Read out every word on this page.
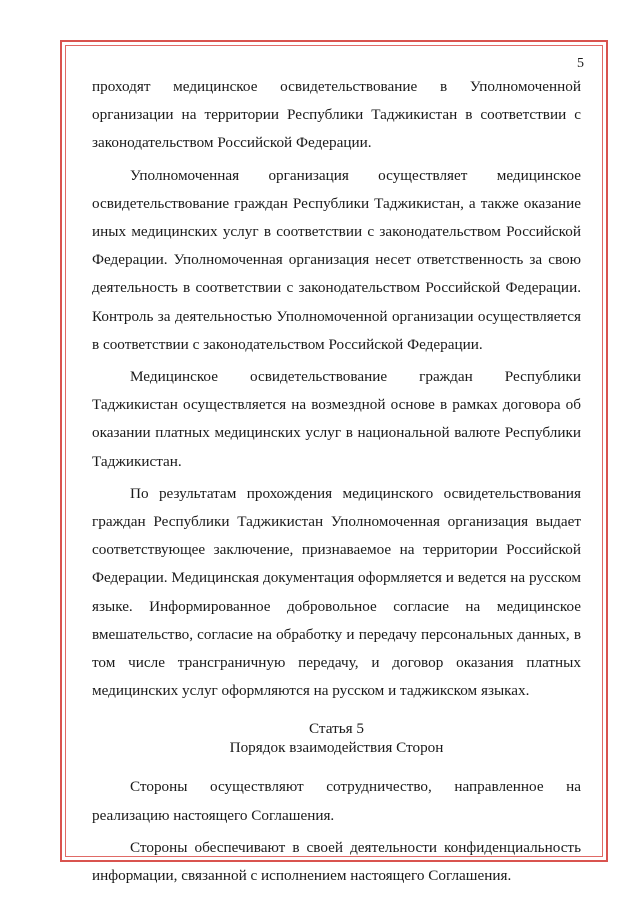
5

проходят медицинское освидетельствование в Уполномоченной организации на территории Республики Таджикистан в соответствии с законодательством Российской Федерации.

Уполномоченная организация осуществляет медицинское освидетельствование граждан Республики Таджикистан, а также оказание иных медицинских услуг в соответствии с законодательством Российской Федерации. Уполномоченная организация несет ответственность за свою деятельность в соответствии с законодательством Российской Федерации. Контроль за деятельностью Уполномоченной организации осуществляется в соответствии с законодательством Российской Федерации.

Медицинское освидетельствование граждан Республики Таджикистан осуществляется на возмездной основе в рамках договора об оказании платных медицинских услуг в национальной валюте Республики Таджикистан.

По результатам прохождения медицинского освидетельствования граждан Республики Таджикистан Уполномоченная организация выдает соответствующее заключение, признаваемое на территории Российской Федерации. Медицинская документация оформляется и ведется на русском языке. Информированное добровольное согласие на медицинское вмешательство, согласие на обработку и передачу персональных данных, в том числе трансграничную передачу, и договор оказания платных медицинских услуг оформляются на русском и таджикском языках.

Статья 5
Порядок взаимодействия Сторон

Стороны осуществляют сотрудничество, направленное на реализацию настоящего Соглашения.

Стороны обеспечивают в своей деятельности конфиденциальность информации, связанной с исполнением настоящего Соглашения.
